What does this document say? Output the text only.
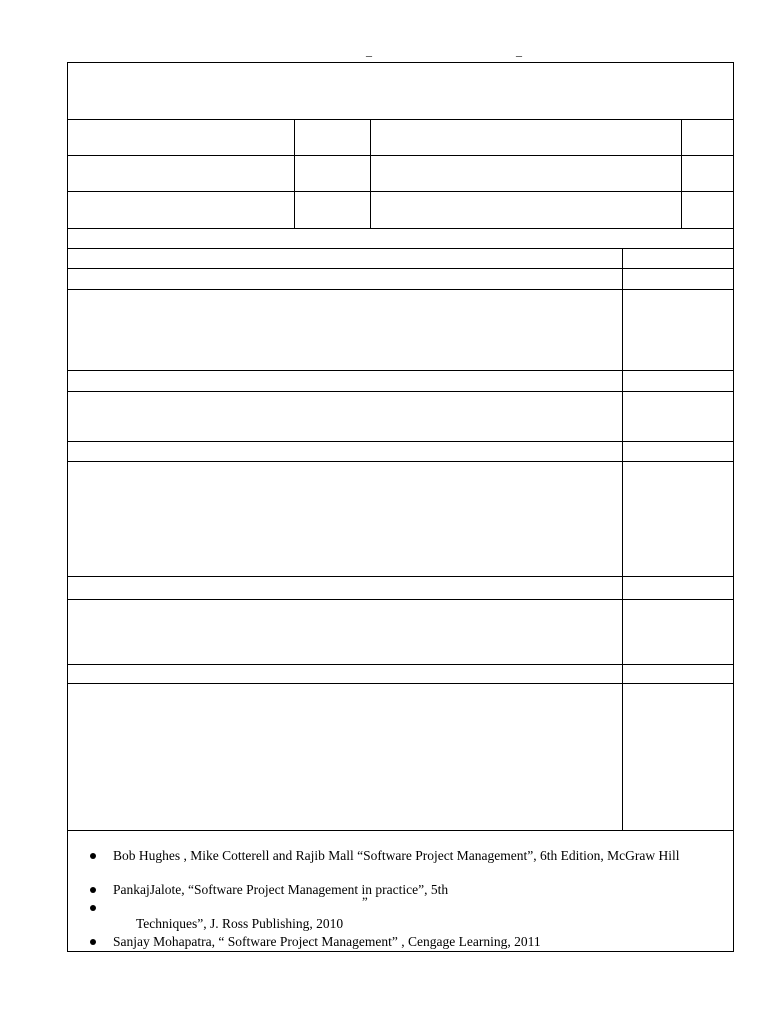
_	_
Bob Hughes , Mike Cotterell and Rajib Mall “Software Project Management”, 6th Edition, McGraw Hill
PankajJalote, “Software Project Management in practice”, 5th
”
Techniques”, J. Ross Publishing, 2010
Sanjay Mohapatra, “ Software Project Management” , Cengage Learning, 2011
